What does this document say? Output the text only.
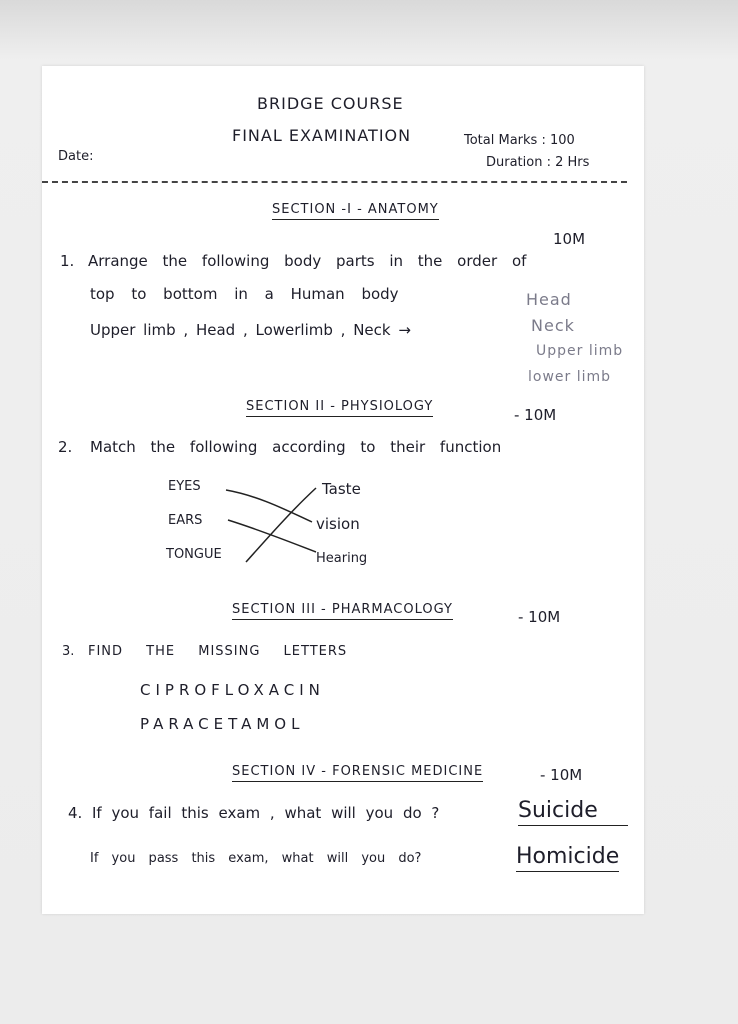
BRIDGE COURSE
FINAL EXAMINATION	Total Marks : 100
Date:	Duration : 2 Hrs
SECTION -I - ANATOMY
10M
1. Arrange the following body parts in the order of
top to bottom in a Human body
Upper limb , Head , Lowerlimb , Neck →
Head
Neck
Upper limb
lower limb
SECTION II - PHYSIOLOGY	- 10M
2. Match the following according to their function
EYES
EARS
TONGUE
Taste
vision
Hearing
SECTION III - PHARMACOLOGY	- 10M
3. FIND THE MISSING LETTERS
CIPROFLOXACIN
PARACETAMOL
SECTION IV - FORENSIC MEDICINE	- 10M
4. If you fail this exam , what will you do ?	Suicide
If you pass this exam, what will you do?	Homicide
